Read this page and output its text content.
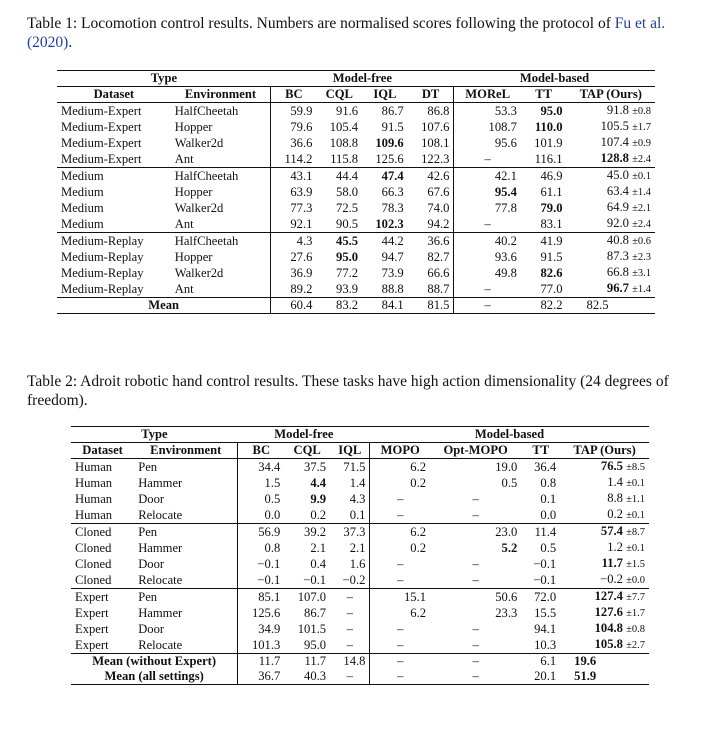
Table 1: Locomotion control results. Numbers are normalised scores following the protocol of Fu et al. (2020).
Type		Model-free				Model-based		
Dataset	Environment	BC	CQL	IQL	DT	MOReL	TT	TAP (Ours)
Medium-Expert	HalfCheetah	59.9	91.6	86.7	86.8	53.3	95.0	91.8 ±0.8
Medium-Expert	Hopper	79.6	105.4	91.5	107.6	108.7	110.0	105.5 ±1.7
Medium-Expert	Walker2d	36.6	108.8	109.6	108.1	95.6	101.9	107.4 ±0.9
Medium-Expert	Ant	114.2	115.8	125.6	122.3	–	116.1	128.8 ±2.4
Medium	HalfCheetah	43.1	44.4	47.4	42.6	42.1	46.9	45.0 ±0.1
Medium	Hopper	63.9	58.0	66.3	67.6	95.4	61.1	63.4 ±1.4
Medium	Walker2d	77.3	72.5	78.3	74.0	77.8	79.0	64.9 ±2.1
Medium	Ant	92.1	90.5	102.3	94.2	–	83.1	92.0 ±2.4
Medium-Replay	HalfCheetah	4.3	45.5	44.2	36.6	40.2	41.9	40.8 ±0.6
Medium-Replay	Hopper	27.6	95.0	94.7	82.7	93.6	91.5	87.3 ±2.3
Medium-Replay	Walker2d	36.9	77.2	73.9	66.6	49.8	82.6	66.8 ±3.1
Medium-Replay	Ant	89.2	93.9	88.8	88.7	–	77.0	96.7 ±1.4
Mean		60.4	83.2	84.1	81.5	–	82.2	82.5
Table 2: Adroit robotic hand control results. These tasks have high action dimensionality (24 degrees of freedom).
Type		Model-free			Model-based			
Dataset	Environment	BC	CQL	IQL	MOPO	Opt-MOPO	TT	TAP (Ours)
Human	Pen	34.4	37.5	71.5	6.2	19.0	36.4	76.5 ±8.5
Human	Hammer	1.5	4.4	1.4	0.2	0.5	0.8	1.4 ±0.1
Human	Door	0.5	9.9	4.3	–	–	0.1	8.8 ±1.1
Human	Relocate	0.0	0.2	0.1	–	–	0.0	0.2 ±0.1
Cloned	Pen	56.9	39.2	37.3	6.2	23.0	11.4	57.4 ±8.7
Cloned	Hammer	0.8	2.1	2.1	0.2	5.2	0.5	1.2 ±0.1
Cloned	Door	−0.1	0.4	1.6	–	–	−0.1	11.7 ±1.5
Cloned	Relocate	−0.1	−0.1	−0.2	–	–	−0.1	−0.2 ±0.0
Expert	Pen	85.1	107.0	–	15.1	50.6	72.0	127.4 ±7.7
Expert	Hammer	125.6	86.7	–	6.2	23.3	15.5	127.6 ±1.7
Expert	Door	34.9	101.5	–	–	–	94.1	104.8 ±0.8
Expert	Relocate	101.3	95.0	–	–	–	10.3	105.8 ±2.7
Mean (without Expert)		11.7	11.7	14.8	–	–	6.1	19.6
Mean (all settings)		36.7	40.3	–	–	–	20.1	51.9
